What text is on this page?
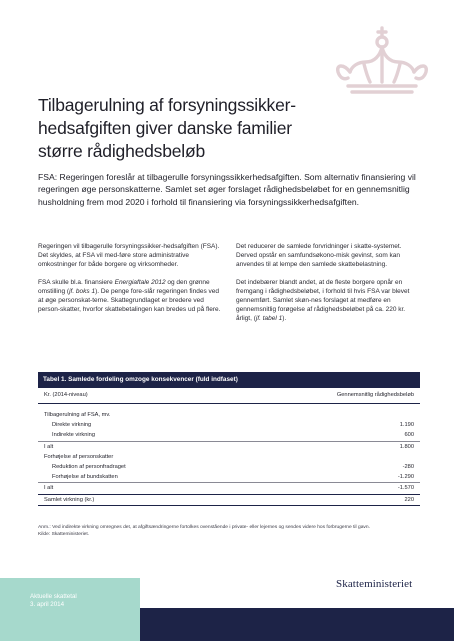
Tilbagerulning af forsyningssikker-hedsafgiften giver danske familier større rådighedsbeløb

FSA: Regeringen foreslår at tilbagerulle forsyningssikkerhedsafgiften. Som alternativ finansiering vil regeringen øge personskatterne. Samlet set øger forslaget rådighedsbeløbet for en gennemsnitlig husholdning frem mod 2020 i forhold til finansiering via forsyningssikkerhedsafgiften.

Regeringen vil tilbagerulle forsyningssikker-hedsafgiften (FSA). Det skyldes, at FSA vil med-føre store administrative omkostninger for både borgere og virksomheder.

FSA skulle bl.a. finansiere Energiaftale 2012 og den grønne omstilling (jf. boks 1). De penge fore-slår regeringen findes ved at øge personskat-terne. Skattegrundlaget er bredere ved person-skatter, hvorfor skattebetalingen kan bredes ud på flere.

Det reducerer de samlede forvridninger i skatte-systemet. Derved opstår en samfundsøkono-misk gevinst, som kan anvendes til at lempe den samlede skattebelastning.

Det indebærer blandt andet, at de fleste borgere opnår en fremgang i rådighedsbeløbet, i forhold til hvis FSA var blevet gennemført. Samlet skøn-nes forslaget at medføre en gennemsnitlig forøgelse af rådighedsbeløbet på ca. 220 kr. årligt, (jf. tabel 1).

Tabel 1. Samlede fordeling omzoge konsekvencer (fuld indfaset)
Kr. (2014-niveau)	Gennemsnitlig rådighedsbeløb

Tilbagerulning af FSA, mv.	
Direkte virkning	1.190
Indirekte virkning	600
I alt	1.800
Forhøjelse af personskatter	
Reduktion af personfradraget	-280
Forhøjelse af bundskatten	-1.290
I alt	-1.570
Samlet virkning (kr.)	220

Anm.: Ved indirekte virkning omregnes det, at afgiftsændringerne fortolkes ovenstående i private- eller lejernes og sendes videre hos forbrugerne til gavn.

Kilde: Skatteministeriet.

Aktuelle skattetal
3. april 2014
Skatteministeriet
